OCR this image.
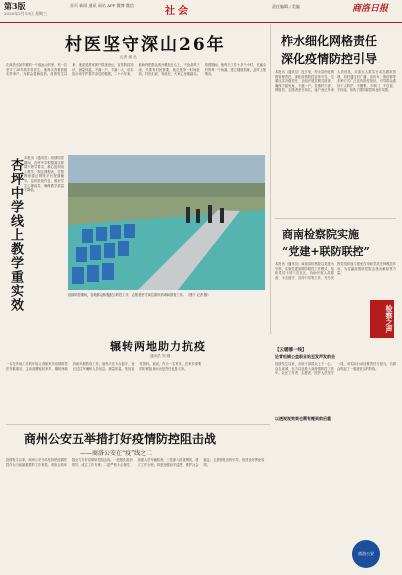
第3版
2020年2月19日 星期三
首页 新闻 通讯 网站 APP 微博 微信
社会	责任编辑 / 美编	商洛日报
村医坚守深山26年
记者 谢 丛
在商洛市某乡镇的一个偏远山村里，有一位坚守了26年的乡村医生。他每天背着药箱走村串户，为群众看病送药。疫情发生以来，他更是挨家挨户排查登记，宣传防疫知识，测量体温，不漏一户，不落一人，用实际行动守护着乡亲们的健康。二十六年来，他始终把群众的冷暖放在心上，不论刮风下雨，只要有村民需要，他总是第一时间赶到。村民们说，有他在，大家心里就踏实。疫情期间，他每天工作十多个小时，走遍全村的每一个角落，建立健康档案，及时上报情况。
柞水细化网格责任
深化疫情防控引导
本报讯（通讯员）连日来，柞水县细化网格管理责任，深化疫情防控宣传引导，压紧压实各级责任，全面开展拉网式排查，确保不留死角、不漏一户。各镇村干部、网格员、志愿者坚守岗位，逐户登记外来人员信息，对重点人群实行动态跟踪管理，同时通过村广播、宣传车、微信群等多种方式广泛宣传防疫知识，引导群众做好个人防护，不聚集、不串门、不信谣、不传谣，营造了群防群控的良好氛围。
杏坪中学线上教学重实效 本报讯（通讯员）疫情防控期间，杏坪中学积极落实停课不停学要求，精心组织线上教学，制定课程表，安排教师通过网络平台授课辅导，及时批改作业，做好学生心理疏导，确保教学质量不降低。
疫情防控期间，各地群众积极配合防控工作，志愿者坚守岗位做好消毒和排查工作。（图片 记者 摄）
商南检察院实施
“党建+联防联控”
本报讯（通讯员）商南县检察院以党建为引领，实施党建加联防联控工作模式，组织党员干部下沉社区，协助开展人员排查、卡点值守、宣传引导等工作，充分发挥党组织战斗堡垒作用和党员先锋模范作用，为打赢疫情防控阻击战贡献检察力量。
检察之声
【云暖哪一线】
论青松铺公益职业站至发声发前会
疫情发生以来，各地干部群众上下一心，众志成城，全力以赴投入到疫情防控工作中。社区工作者、志愿者、医护人员坚守一线，用实际行动诠释责任与担当，为群众筑起了一道道坚实的防线。
以透视视效果也需有搬到前后重
辗转两地助力抗疫
通讯员 刘 刚
一名在外地工作的年轻人得知家乡疫情防控任务繁重后，主动请缨返回家乡，辗转两地协助开展防疫工作。他每天在卡点值守，登记过往车辆和人员信息，测量体温，发放宣传资料。他说，作为一名青年，在家乡需要的时候挺身而出是责任也是义务。
商州公安五举措打好疫情防控阻击战
——商洛公安在“疫”线之二
疫情发生以来，商州公安分局坚持把疫情防控作为当前最重要的工作来抓，采取五项举措全力打好疫情防控阻击战。一是强化组织领导，成立工作专班；二是严格卡点查控，加强人员车辆检查；三是深入排查摸底，建立工作台账；四是加强治安巡逻，维护社会稳定；五是强化宣传引导，营造良好舆论氛围。
商洛公安
